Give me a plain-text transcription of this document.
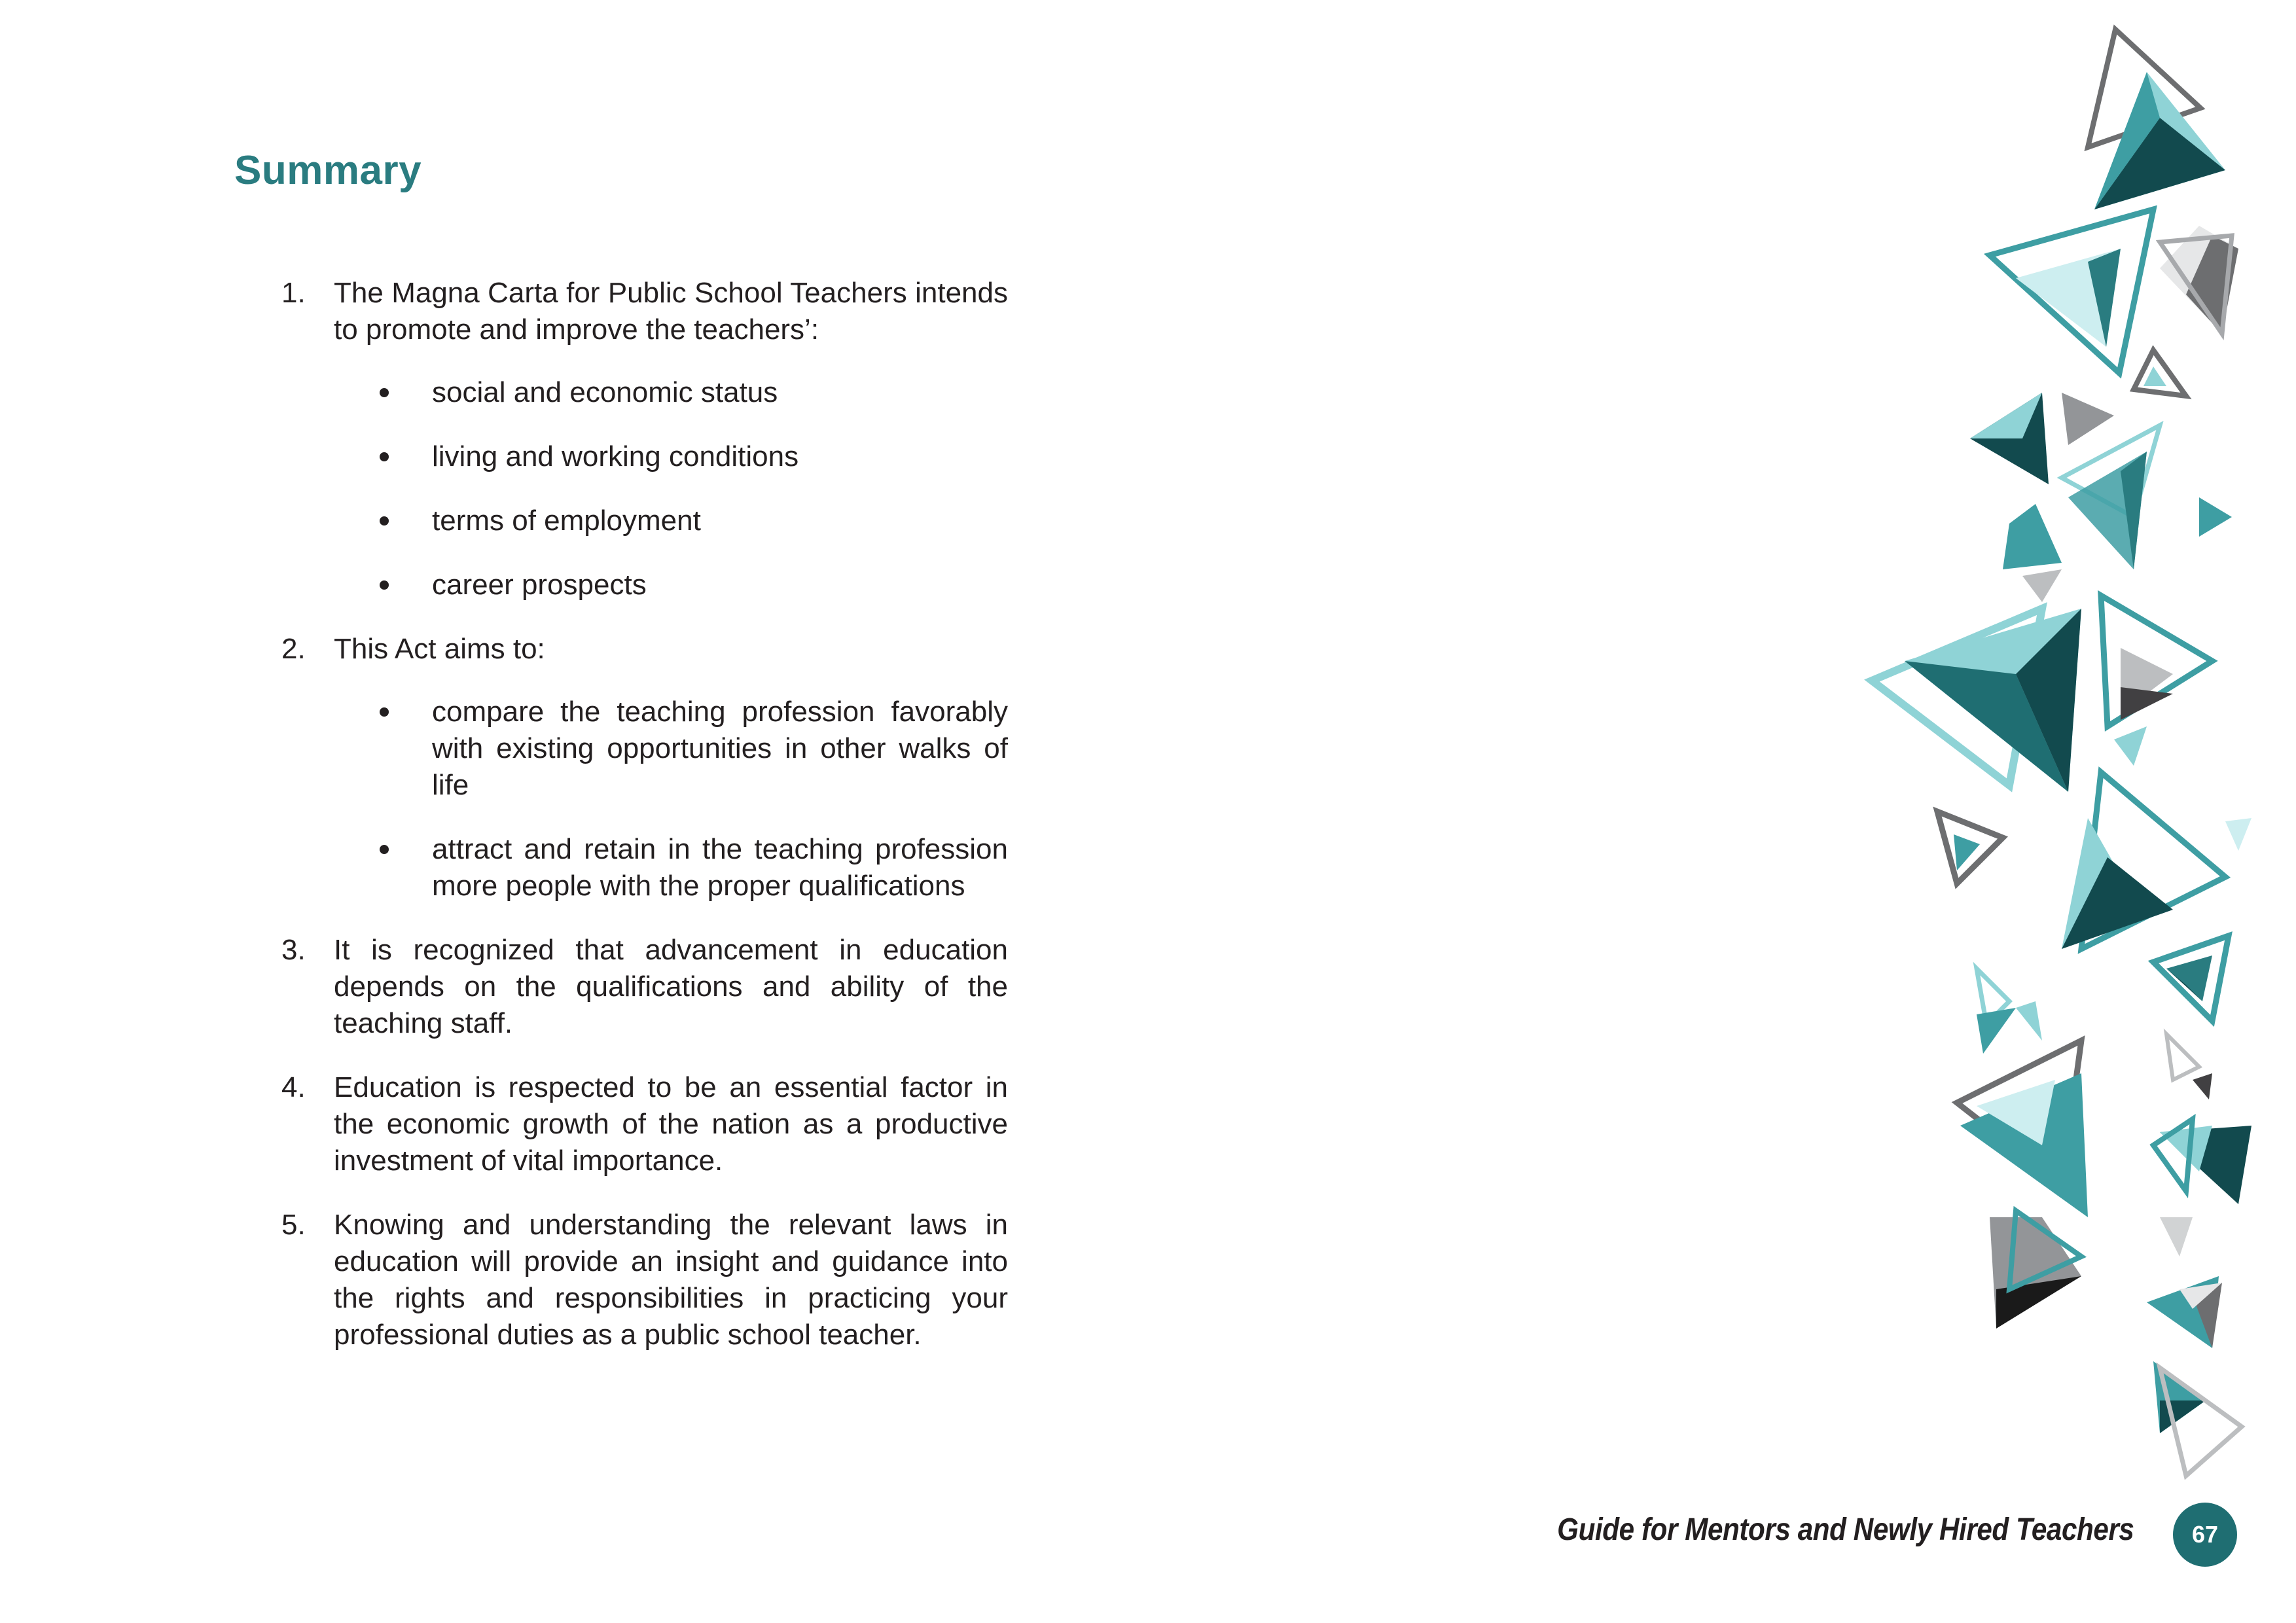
Summary
1. The Magna Carta for Public School Teachers intends to promote and improve the teachers’:
social and economic status
living and working conditions
terms of employment
career prospects
2. This Act aims to:
compare the teaching profession favorably with existing opportunities in other walks of life
attract and retain in the teaching profession more people with the proper qualifications
3. It is recognized that advancement in education depends on the qualifications and ability of the teaching staff.
4. Education is respected to be an essential factor in the economic growth of the nation as a productive investment of vital importance.
5. Knowing and understanding the relevant laws in education will provide an insight and guidance into the rights and responsibilities in practicing your professional duties as a public school teacher.

Guide for Mentors and Newly Hired Teachers	67
